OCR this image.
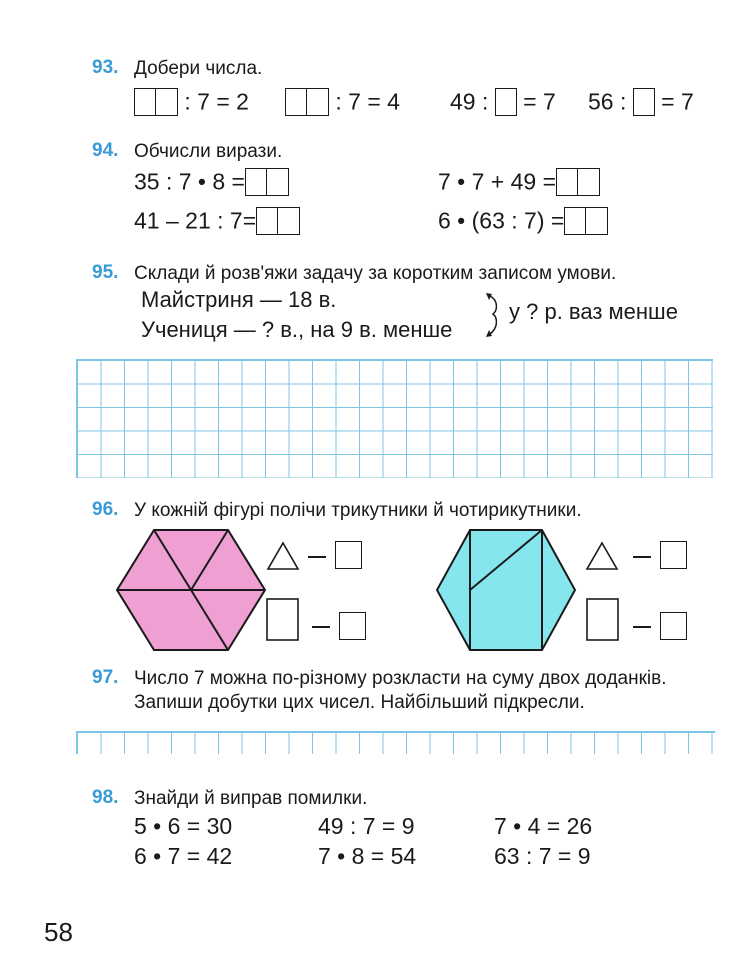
93. Добери числа.
: 7 = 2	: 7 = 4 49 : = 7 56 : = 7
94. Обчисли вирази.
35 : 7 • 8 =	7 • 7 + 49 =
41 – 21 : 7=	6 • (63 : 7) =
95. Склади й розв'яжи задачу за коротким записом умови.
Майстриня — 18 в.
Учениця — ? в., на 9 в. менше
у ? р. ваз менше
96. У кожній фігурі полічи трикутники й чотирикутники.
97. Число 7 можна по-різному розкласти на суму двох доданків.
Запиши добутки цих чисел. Найбільший підкресли.
98. Знайди й виправ помилки.
5 • 6 = 30	49 : 7 = 9	7 • 4 = 26
6 • 7 = 42	7 • 8 = 54	63 : 7 = 9
58
